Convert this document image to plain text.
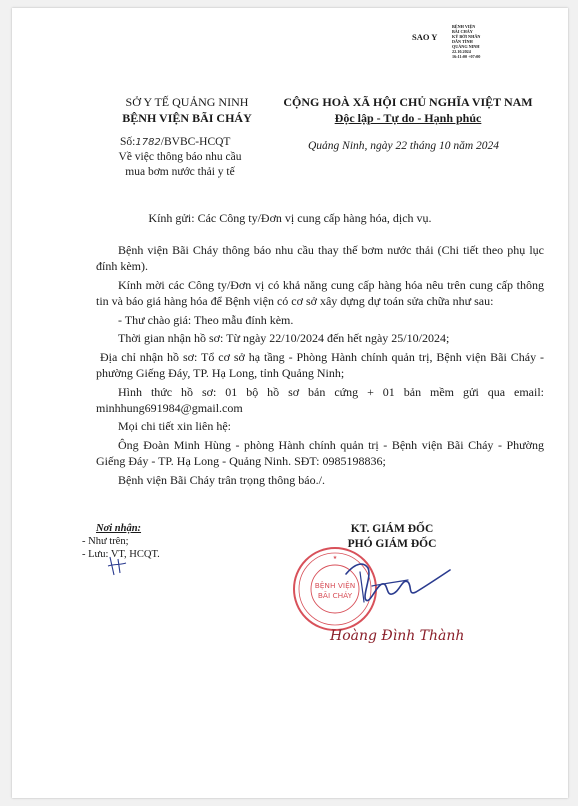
SAO Y
BỆNH VIỆN
BÃI CHÁY
KÝ BỞI NHÂN
DÂN TỈNH
QUẢNG NINH
22.10.2024
16:11:00 +07:00
SỞ Y TẾ QUẢNG NINH
BỆNH VIỆN BÃI CHÁY
CỘNG HOÀ XÃ HỘI CHỦ NGHĨA VIỆT NAM
Độc lập - Tự do - Hạnh phúc
Số:1782/BVBC-HCQT
Về việc thông báo nhu cầu
mua bơm nước thải y tế
Quảng Ninh, ngày 22 tháng 10 năm 2024
Kính gửi: Các Công ty/Đơn vị cung cấp hàng hóa, dịch vụ.

Bệnh viện Bãi Cháy thông báo nhu cầu thay thế bơm nước thải (Chi tiết theo phụ lục đính kèm).

Kính mời các Công ty/Đơn vị có khả năng cung cấp hàng hóa nêu trên cung cấp thông tin và báo giá hàng hóa để Bệnh viện có cơ sở xây dựng dự toán sửa chữa như sau:

- Thư chào giá: Theo mẫu đính kèm.

Thời gian nhận hồ sơ: Từ ngày 22/10/2024 đến hết ngày 25/10/2024;

Địa chỉ nhận hồ sơ: Tổ cơ sở hạ tầng - Phòng Hành chính quản trị, Bệnh viện Bãi Cháy - phường Giếng Đáy, TP. Hạ Long, tỉnh Quảng Ninh;

Hình thức hồ sơ: 01 bộ hồ sơ bản cứng + 01 bản mềm gửi qua email: minhhung691984@gmail.com

Mọi chi tiết xin liên hệ:

Ông Đoàn Minh Hùng - phòng Hành chính quản trị - Bệnh viện Bãi Cháy - Phường Giếng Đáy - TP. Hạ Long - Quảng Ninh. SĐT: 0985198836;

Bệnh viện Bãi Cháy trân trọng thông báo./.

Nơi nhận:
- Như trên;
- Lưu: VT, HCQT.
KT. GIÁM ĐỐC
PHÓ GIÁM ĐỐC
BỆNH VIỆN
BÃI CHÁY
★
Hoàng Đình Thành
